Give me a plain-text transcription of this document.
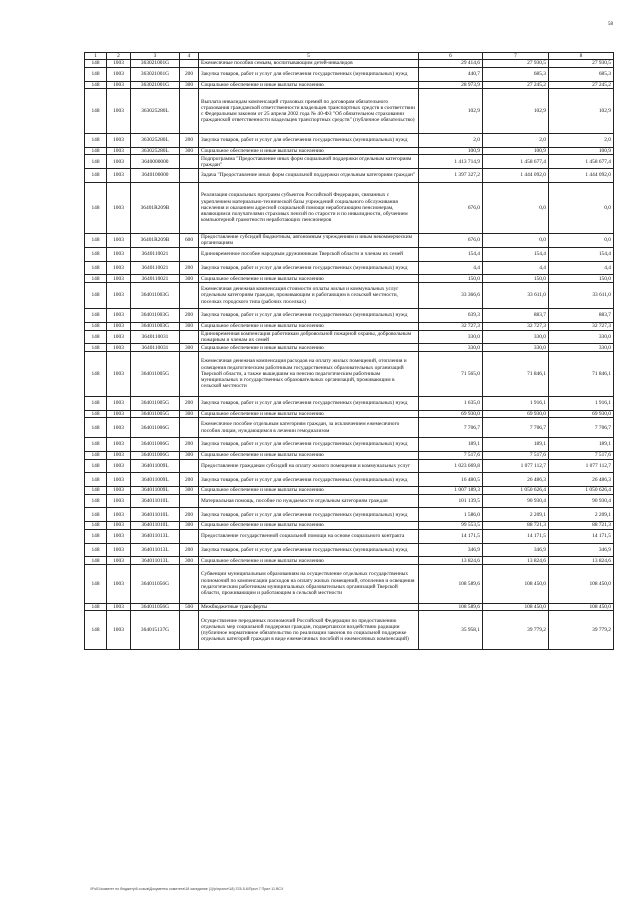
58
1	2	3	4	5	6	7	8
148	1003	363021001G		Ежемесячные пособия семьям, воспитывающим детей-инвалидов	29 414,6	27 930,5	27 930,5
148	1003	363021001G	200	Закупка товаров, работ и услуг для обеспечения государственных (муниципальных) нужд	440,7	685,3	685,3
148	1003	363021001G	300	Социальное обеспечение и иные выплаты населению	28 973,9	27 245,2	27 245,2
148	1003	363025280L		Выплата инвалидам компенсаций страховых премий по договорам обязательного страхования гражданской ответственности владельцев транспортных средств в соответствии с Федеральным законом от 25 апреля 2002 года № 40-ФЗ "Об обязательном страховании гражданской ответственности владельцев транспортных средств" (публичное обязательство)	102,9	102,9	102,9
148	1003	363025280L	200	Закупка товаров, работ и услуг для обеспечения государственных (муниципальных) нужд	2,0	2,0	2,0
148	1003	363025280L	300	Социальное обеспечение и иные выплаты населению	100,9	100,9	100,9
148	1003	3640000000		Подпрограмма "Предоставление иных форм социальной поддержки отдельным категориям граждан"	1 413 714,9	1 458 677,4	1 458 677,4
148	1003	3640100000		Задача "Предоставление иных форм социальной поддержки отдельным категориям граждан"	1 397 327,2	1 444 092,0	1 444 092,0
148	1003	36401R209B		Реализация социальных программ субъектов Российской Федерации, связанных с укреплением материально-технической базы учреждений социального обслуживания населения и оказанием адресной социальной помощи неработающим пенсионерам, являющимся получателями страховых пенсий по старости и по инвалидности, обучением компьютерной грамотности неработающих пенсионеров	676,0	0,0	0,0
148	1003	36401R209B	600	Предоставление субсидий бюджетным, автономным учреждениям и иным некоммерческим организациям	676,0	0,0	0,0
148	1003	3640110021		Единовременное пособие народным дружинникам Тверской области и членам их семей	154,4	154,4	154,4
148	1003	3640110021	200	Закупка товаров, работ и услуг для обеспечения государственных (муниципальных) нужд	4,4	4,4	4,4
148	1003	3640110021	300	Социальное обеспечение и иные выплаты населению	150,0	150,0	150,0
148	1003	364011003G		Ежемесячная денежная компенсация стоимости оплаты жилья и коммунальных услуг отдельным категориям граждан, проживающим и работающим в сельской местности, поселках городского типа (рабочих поселках)	33 366,6	33 611,0	33 611,0
148	1003	364011003G	200	Закупка товаров, работ и услуг для обеспечения государственных (муниципальных) нужд	639,3	883,7	883,7
148	1003	364011003G	300	Социальное обеспечение и иные выплаты населению	32 727,3	32 727,3	32 727,3
148	1003	3640110031		Единовременная компенсация работникам добровольной пожарной охраны, добровольным пожарным и членам их семей	330,0	330,0	330,0
148	1003	3640110031	300	Социальное обеспечение и иные выплаты населению	330,0	330,0	330,0
148	1003	364011005G		Ежемесячная денежная компенсация расходов на оплату жилых помещений, отопления и освещения педагогическим работникам государственных образовательных организаций Тверской области, а также вышедшим на пенсию педагогическим работникам муниципальных и государственных образовательных организаций, проживающим в сельской местности	71 565,0	71 846,1	71 846,1
148	1003	364011005G	200	Закупка товаров, работ и услуг для обеспечения государственных (муниципальных) нужд	1 635,0	1 916,1	1 916,1
148	1003	364011005G	300	Социальное обеспечение и иные выплаты населению	69 930,0	69 930,0	69 930,0
148	1003	364011006G		Ежемесячное пособие отдельным категориям граждан, за исключением ежемесячного пособия лицам, нуждающимся в лечении гемодиализом	7 706,7	7 706,7	7 706,7
148	1003	364011006G	200	Закупка товаров, работ и услуг для обеспечения государственных (муниципальных) нужд	189,1	189,1	189,1
148	1003	364011006G	300	Социальное обеспечение и иные выплаты населению	7 517,6	7 517,6	7 517,6
148	1003	364011009L		Предоставление гражданам субсидий на оплату жилого помещения и коммунальных услуг	1 023 669,8	1 077 112,7	1 077 112,7
148	1003	364011009L	200	Закупка товаров, работ и услуг для обеспечения государственных (муниципальных) нужд	16 480,5	26 486,3	26 486,3
148	1003	364011009L	300	Социальное обеспечение и иные выплаты населению	1 007 189,3	1 050 626,4	1 050 626,4
148	1003	364011010L		Материальная помощь, пособие по нуждаемости отдельным категориям граждан	101 139,5	90 930,4	90 930,4
148	1003	364011010L	200	Закупка товаров, работ и услуг для обеспечения государственных (муниципальных) нужд	1 586,0	2 209,1	2 209,1
148	1003	364011010L	300	Социальное обеспечение и иные выплаты населению	99 553,5	88 721,3	88 721,3
148	1003	364011013L		Предоставление государственной социальной помощи на основе социального контракта	14 171,5	14 171,5	14 171,5
148	1003	364011013L	200	Закупка товаров, работ и услуг для обеспечения государственных (муниципальных) нужд	346,9	346,9	346,9
148	1003	364011013L	300	Социальное обеспечение и иные выплаты населению	13 824,6	13 824,6	13 824,6
148	1003	364011056G		Субвенции муниципальным образованиям на осуществление отдельных государственных полномочий по компенсации расходов на оплату жилых помещений, отопления и освещения педагогическим работникам муниципальных образовательных организаций Тверской области, проживающим и работающим в сельской местности	108 589,6	108 450,0	108 450,0
148	1003	364011056G	500	Межбюджетные трансферты	108 589,6	108 450,0	108 450,0
148	1003	364015137G		Осуществление переданных полномочий Российской Федерации по предоставлению отдельных мер социальной поддержки граждан, подвергшихся воздействию радиации (публичное нормативное обязательство по реализации законов по социальной поддержке отдельных категорий граждан в виде ежемесячных пособий и ежемесячных компенсаций)	35 958,1	39 779,2	39 779,2
\\Fs01\комитет по бюджету\6 созыв\Документы комитета\18 заседание (1)\р\проект\18) 378-5-6\Прил 7 Прил 11.BCX
